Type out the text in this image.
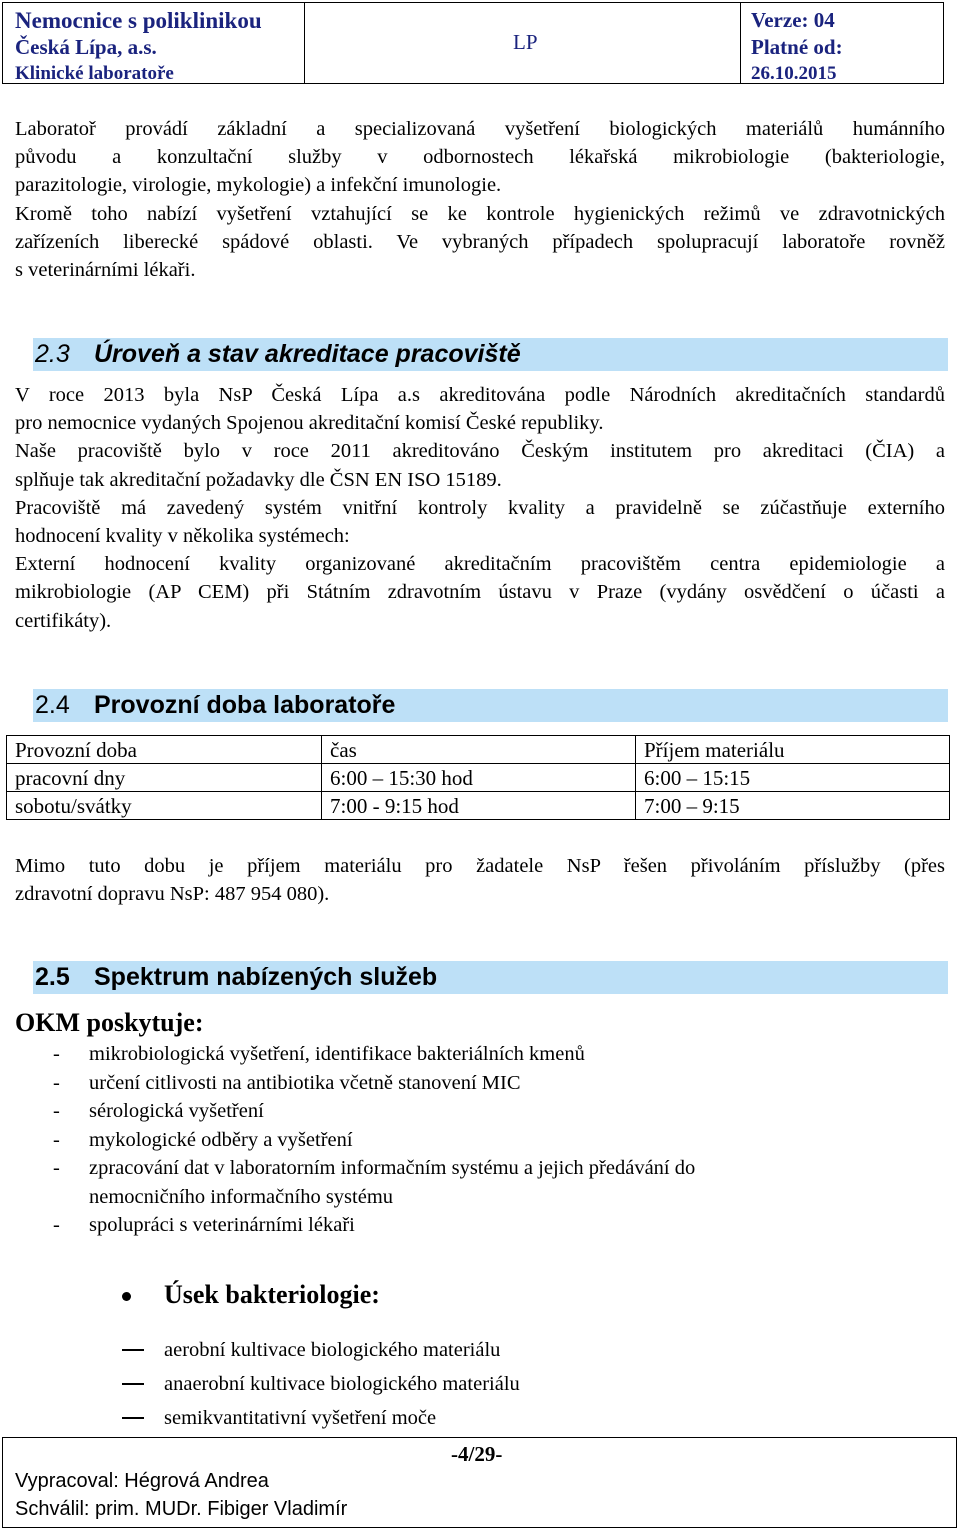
Nemocnice s poliklinikou
Česká Lípa, a.s.
Klinické laboratoře
LP
Verze: 04
Platné od:
26.10.2015
Laboratoř provádí základní a specializovaná vyšetření biologických materiálů humánního
původu a konzultační služby v odbornostech lékařská mikrobiologie (bakteriologie,
parazitologie, virologie, mykologie) a infekční imunologie.
Kromě toho nabízí vyšetření vztahující se ke kontrole hygienických režimů ve zdravotnických
zařízeních liberecké spádové oblasti. Ve vybraných případech spolupracují laboratoře rovněž
s veterinárními lékaři.
2.3 Úroveň a stav akreditace pracoviště
V roce 2013 byla NsP Česká Lípa a.s akreditována podle Národních akreditačních standardů
pro nemocnice vydaných Spojenou akreditační komisí České republiky.
Naše pracoviště bylo v roce 2011 akreditováno Českým institutem pro akreditaci (ČIA) a
splňuje tak akreditační požadavky dle ČSN EN ISO 15189.
Pracoviště má zavedený systém vnitřní kontroly kvality a pravidelně se zúčastňuje externího
hodnocení kvality v několika systémech:
Externí hodnocení kvality organizované akreditačním pracovištěm centra epidemiologie a
mikrobiologie (AP CEM) při Státním zdravotním ústavu v Praze (vydány osvědčení o účasti a
certifikáty).
2.4 Provozní doba laboratoře
Provozní doba	čas	Příjem materiálu
pracovní dny	6:00 – 15:30 hod	6:00 – 15:15
sobotu/svátky	7:00 - 9:15 hod	7:00 – 9:15
Mimo tuto dobu je příjem materiálu pro žadatele NsP řešen přivoláním příslužby (přes
zdravotní dopravu NsP: 487 954 080).
2.5 Spektrum nabízených služeb
OKM poskytuje:
- mikrobiologická vyšetření, identifikace bakteriálních kmenů
- určení citlivosti na antibiotika včetně stanovení MIC
- sérologická vyšetření
- mykologické odběry a vyšetření
- zpracování dat v laboratorním informačním systému a jejich předávání do
nemocničního informačního systému
- spolupráci s veterinárními lékaři
Úsek bakteriologie:
aerobní kultivace biologického materiálu
anaerobní kultivace biologického materiálu
semikvantitativní vyšetření moče
-4/29-
Vypracoval: Hégrová Andrea
Schválil: prim. MUDr. Fibiger Vladimír
